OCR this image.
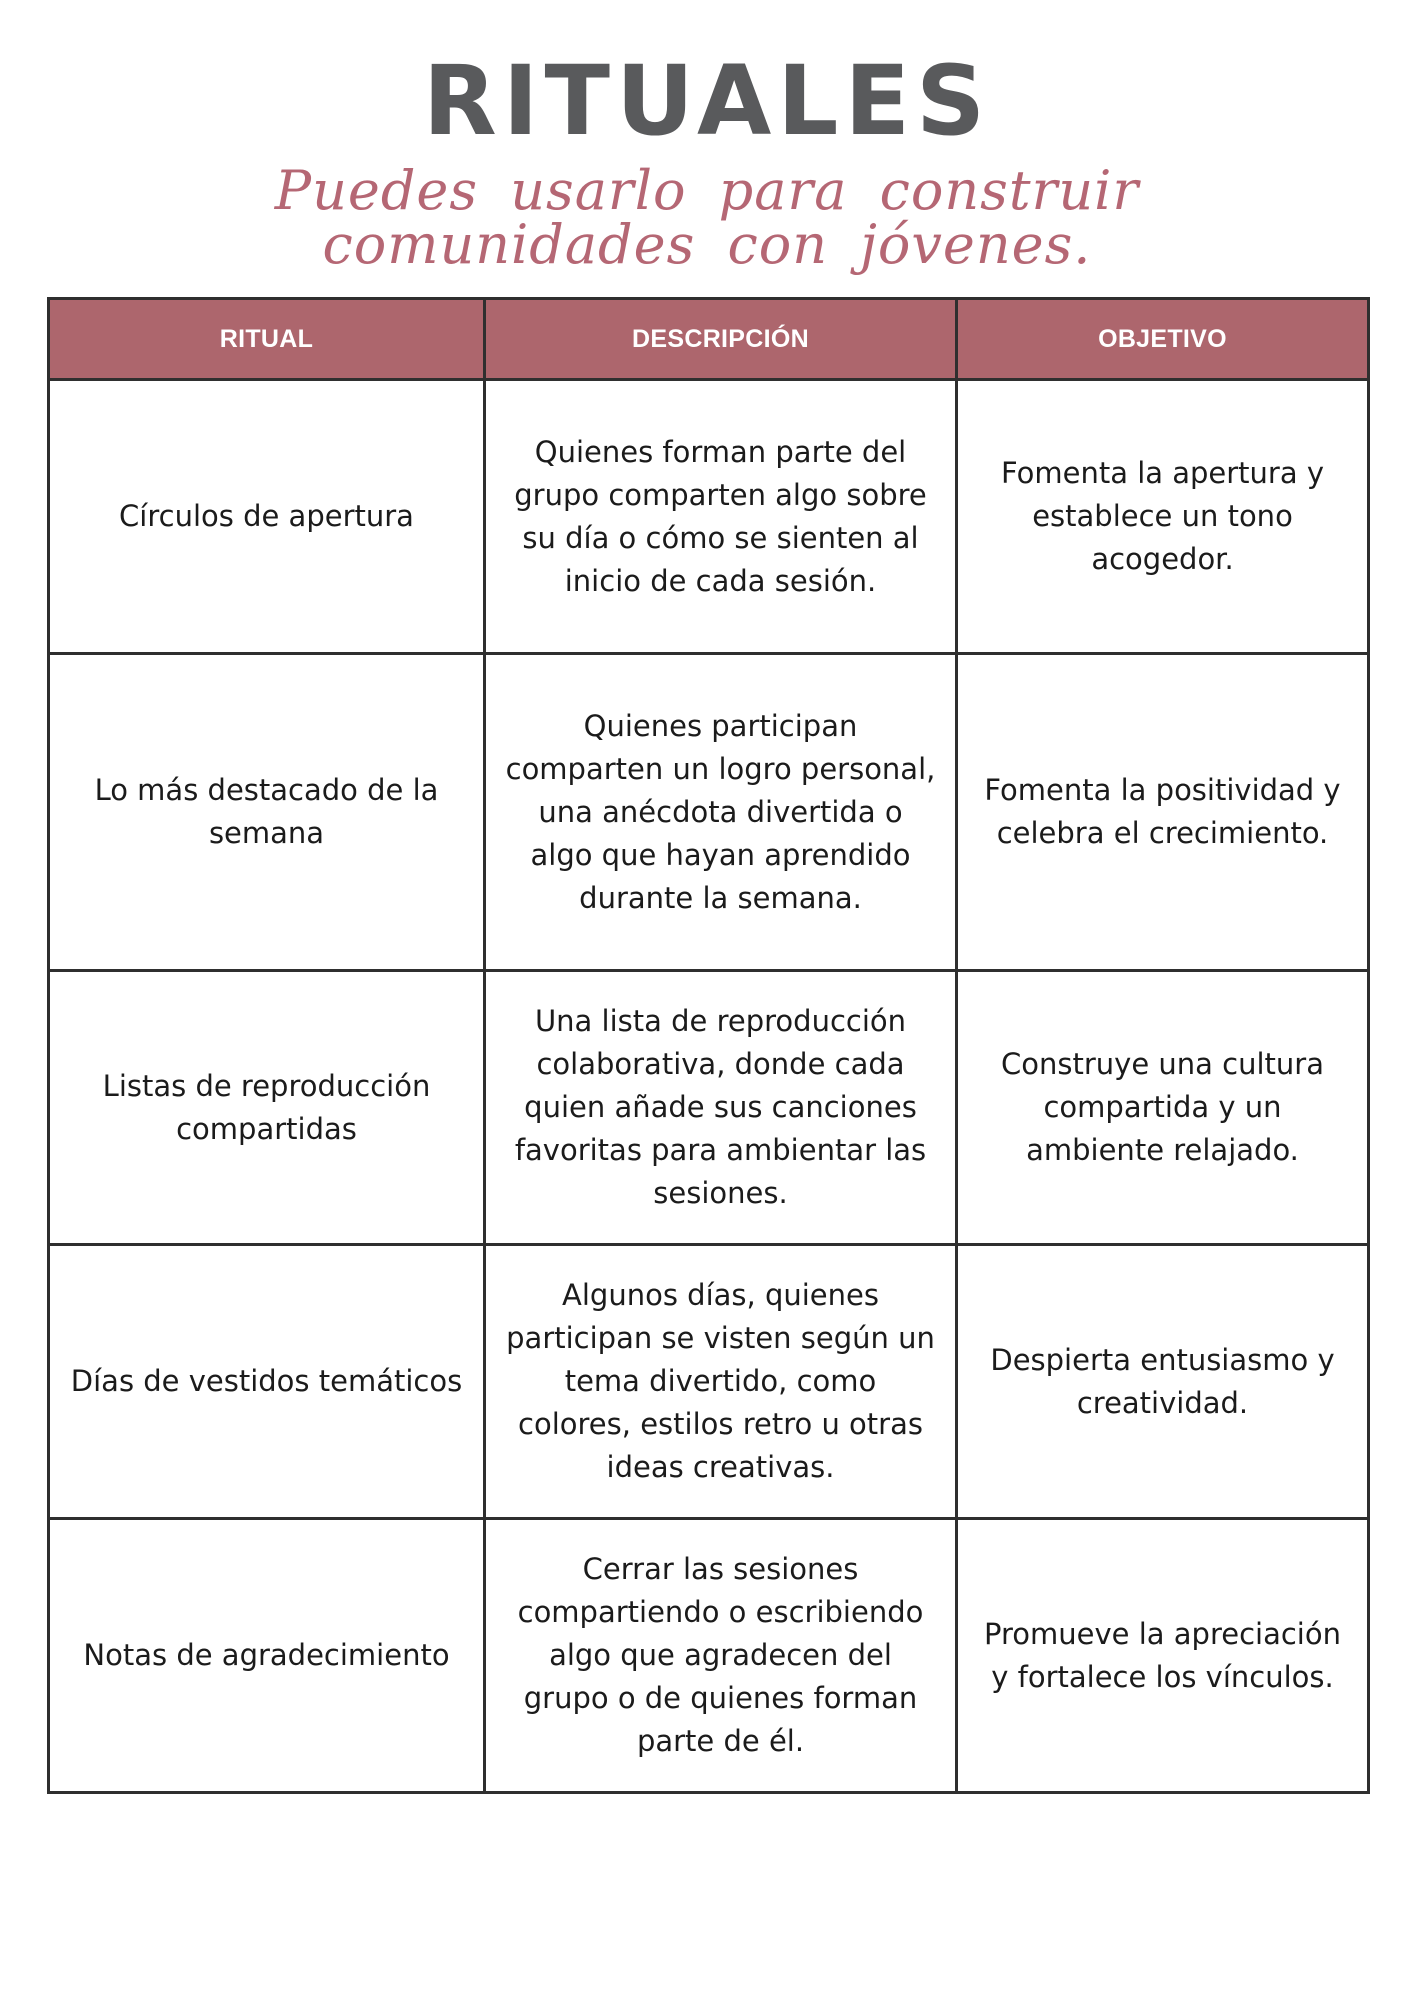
RITUALES
Puedes usarlo para construir comunidades con jóvenes.
RITUAL	DESCRIPCIÓN	OBJETIVO
Círculos de apertura	Quienes forman parte del grupo comparten algo sobre su día o cómo se sienten al inicio de cada sesión.	Fomenta la apertura y establece un tono acogedor.
Lo más destacado de la semana	Quienes participan comparten un logro personal, una anécdota divertida o algo que hayan aprendido durante la semana.	Fomenta la positividad y celebra el crecimiento.
Listas de reproducción compartidas	Una lista de reproducción colaborativa, donde cada quien añade sus canciones favoritas para ambientar las sesiones.	Construye una cultura compartida y un ambiente relajado.
Días de vestidos temáticos	Algunos días, quienes participan se visten según un tema divertido, como colores, estilos retro u otras ideas creativas.	Despierta entusiasmo y creatividad.
Notas de agradecimiento	Cerrar las sesiones compartiendo o escribiendo algo que agradecen del grupo o de quienes forman parte de él.	Promueve la apreciación y fortalece los vínculos.
